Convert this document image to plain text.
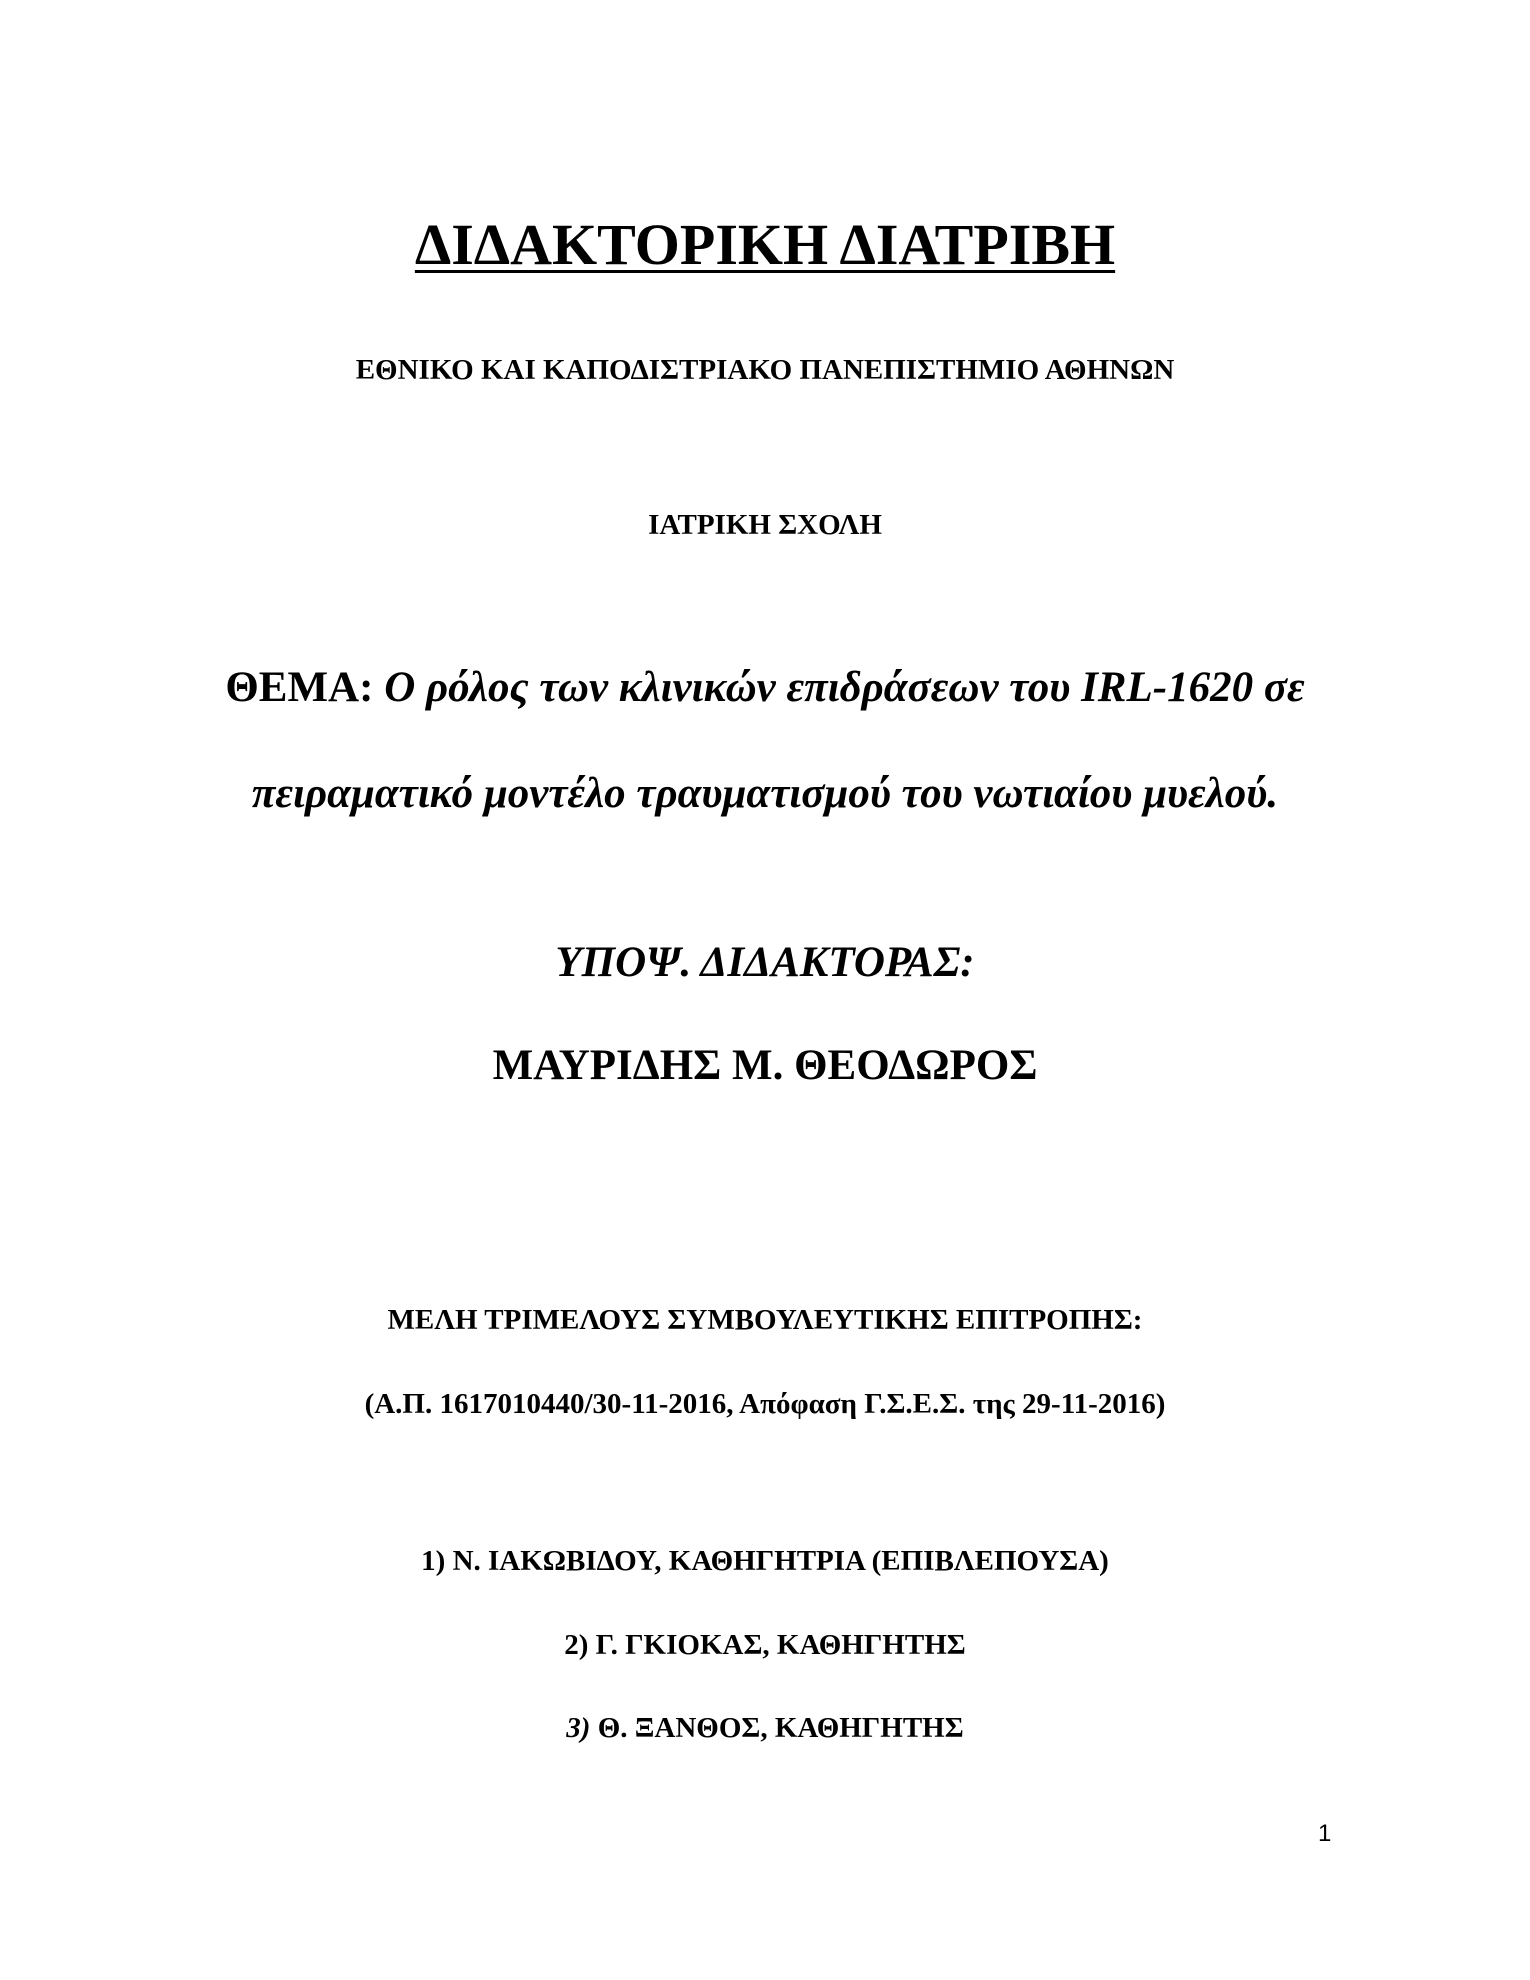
ΔΙΔΑΚΤΟΡΙΚΗ ΔΙΑΤΡΙΒΗ
ΕΘΝΙΚΟ ΚΑΙ ΚΑΠΟΔΙΣΤΡΙΑΚΟ ΠΑΝΕΠΙΣΤΗΜΙΟ ΑΘΗΝΩΝ
ΙΑΤΡΙΚΗ ΣΧΟΛΗ
ΘΕΜΑ: Ο ρόλος των κλινικών επιδράσεων του IRL-1620 σε
πειραματικό μοντέλο τραυματισμού του νωτιαίου μυελού.
ΥΠΟΨ. ΔΙΔΑΚΤΟΡΑΣ:
ΜΑΥΡΙΔΗΣ Μ. ΘΕΟΔΩΡΟΣ
ΜΕΛΗ ΤΡΙΜΕΛΟΥΣ ΣΥΜΒΟΥΛΕΥΤΙΚΗΣ ΕΠΙΤΡΟΠΗΣ:
(Α.Π. 1617010440/30-11-2016, Απόφαση Γ.Σ.Ε.Σ. της 29-11-2016)
1) Ν. ΙΑΚΩΒΙΔΟΥ, ΚΑΘΗΓΗΤΡΙΑ (ΕΠΙΒΛΕΠΟΥΣΑ)
2) Γ. ΓΚΙΟΚΑΣ, ΚΑΘΗΓΗΤΗΣ
3) Θ. ΞΑΝΘΟΣ, ΚΑΘΗΓΗΤΗΣ
1
